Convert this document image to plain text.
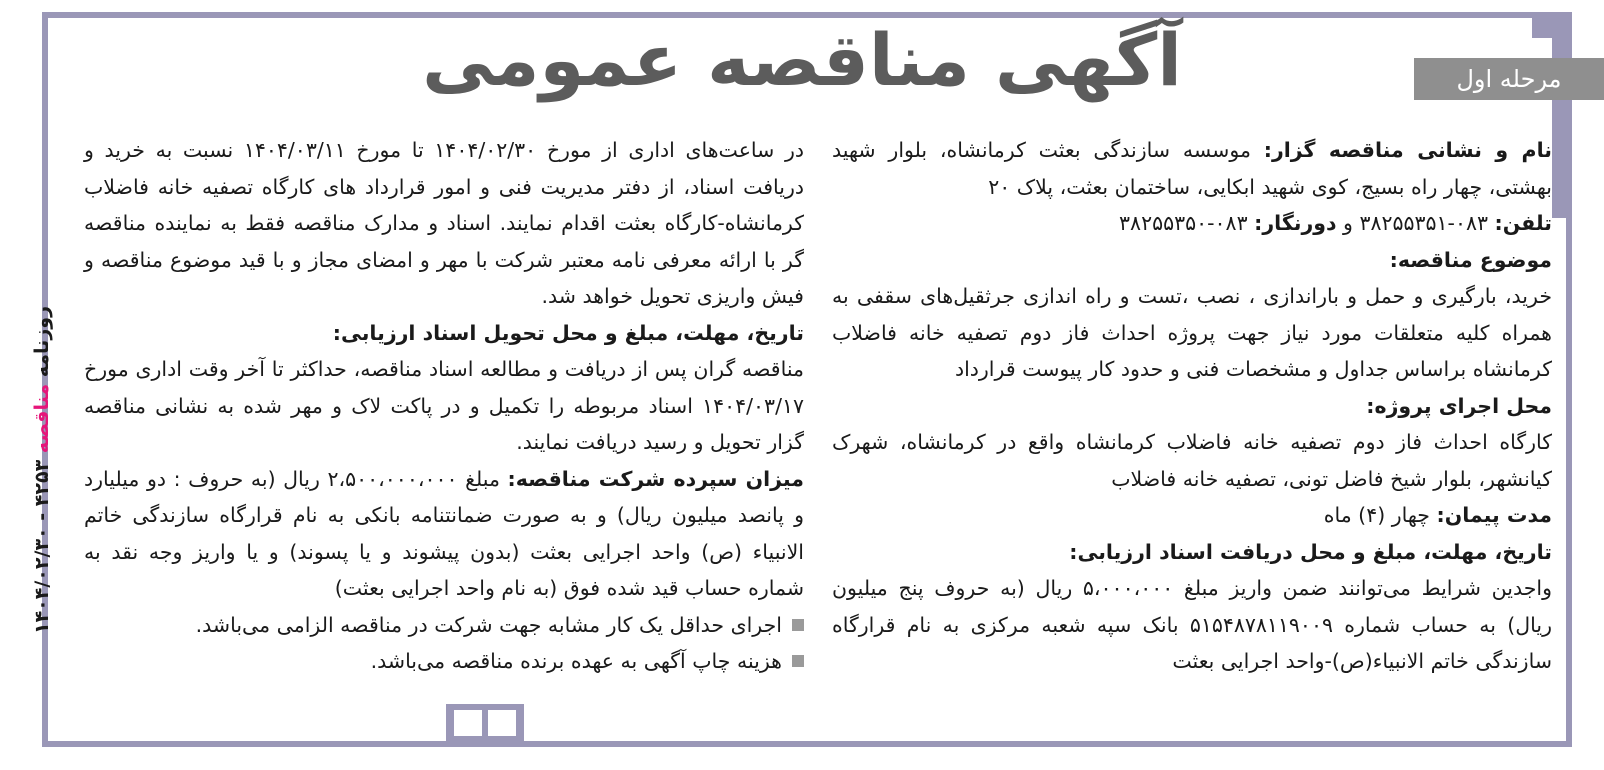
آگهی مناقصه عمومی	مرحله اول

نام و نشانی مناقصه گزار: موسسه سازندگی بعثت کرمانشاه، بلوار شهید بهشتی، چهار راه بسیج، کوی شهید ابکایی، ساختمان بعثت، پلاک ۲۰

تلفن: ۰۸۳-۳۸۲۵۵۳۵۱ و دورنگار: ۰۸۳-۳۸۲۵۵۳۵۰

موضوع مناقصه:

خرید، بارگیری و حمل و باراندازی ، نصب ،تست و راه اندازی جرثقیل‌های سقفی به همراه کلیه متعلقات مورد نیاز جهت پروژه احداث فاز دوم تصفیه خانه فاضلاب کرمانشاه براساس جداول و مشخصات فنی و حدود کار پیوست قرارداد

محل اجرای پروژه:

کارگاه احداث فاز دوم تصفیه خانه فاضلاب کرمانشاه واقع در کرمانشاه، شهرک کیانشهر، بلوار شیخ فاضل تونی، تصفیه خانه فاضلاب

مدت پیمان: چهار (۴) ماه

تاریخ، مهلت، مبلغ و محل دریافت اسناد ارزیابی:

واجدین شرایط می‌توانند ضمن واریز مبلغ ۵،۰۰۰،۰۰۰ ریال (به حروف پنج میلیون ریال) به حساب شماره ۵۱۵۴۸۷۸۱۱۹۰۰۹ بانک سپه شعبه مرکزی به نام قرارگاه سازندگی خاتم الانبیاء(ص)-واحد اجرایی بعثت

در ساعت‌های اداری از مورخ ۱۴۰۴/۰۲/۳۰ تا مورخ ۱۴۰۴/۰۳/۱۱ نسبت به خرید و دریافت اسناد، از دفتر مدیریت فنی و امور قرارداد های کارگاه تصفیه خانه فاضلاب کرمانشاه-کارگاه بعثت اقدام نمایند. اسناد و مدارک مناقصه فقط به نماینده مناقصه گر با ارائه معرفی نامه معتبر شرکت با مهر و امضای مجاز و با قید موضوع مناقصه و فیش واریزی تحویل خواهد شد.

تاریخ، مهلت، مبلغ و محل تحویل اسناد ارزیابی:

مناقصه گران پس از دریافت و مطالعه اسناد مناقصه، حداکثر تا آخر وقت اداری مورخ ۱۴۰۴/۰۳/۱۷ اسناد مربوطه را تکمیل و در پاکت لاک و مهر شده به نشانی مناقصه گزار تحویل و رسید دریافت نمایند.

میزان سپرده شرکت مناقصه: مبلغ ۲،۵۰۰،۰۰۰،۰۰۰ ریال (به حروف : دو میلیارد و پانصد میلیون ریال) و به صورت ضمانتنامه بانکی به نام قرارگاه سازندگی خاتم الانبیاء (ص) واحد اجرایی بعثت (بدون پیشوند و یا پسوند) و یا واریز وجه نقد به شماره حساب قید شده فوق (به نام واحد اجرایی بعثت)

اجرای حداقل یک کار مشابه جهت شرکت در مناقصه الزامی می‌باشد.

هزینه چاپ آگهی به عهده برنده مناقصه می‌باشد.

روزنامه مناقصه ۴۲۵۳ - ۱۴۰۴/۰۲/۳۰
